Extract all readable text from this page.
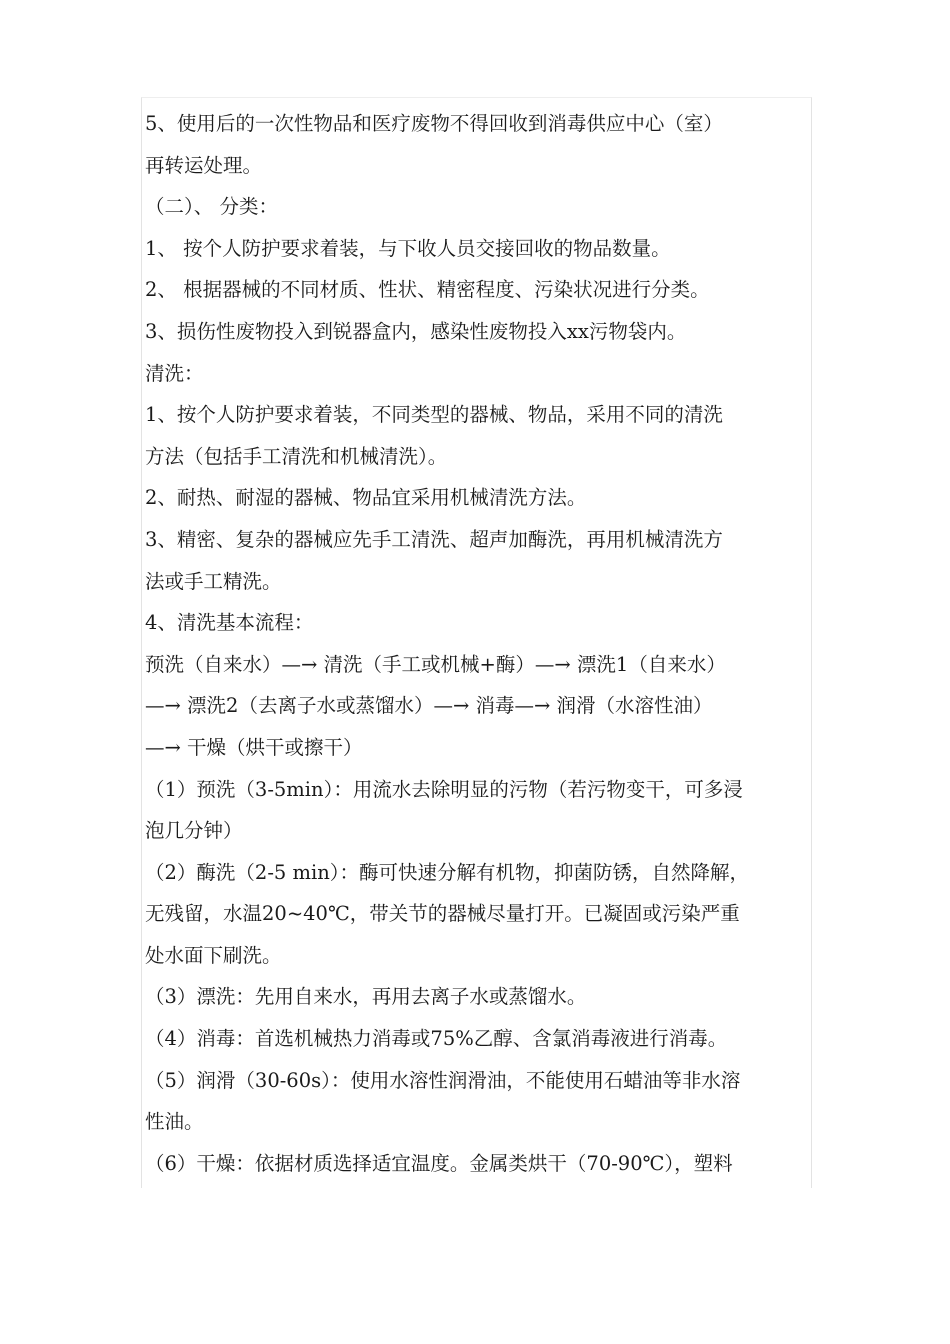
5、使用后的一次性物品和医疗废物不得回收到消毒供应中心（室）
再转运处理。
（二）、 分类：
1、 按个人防护要求着装，与下收人员交接回收的物品数量。
2、 根据器械的不同材质、性状、精密程度、污染状况进行分类。
3、损伤性废物投入到锐器盒内，感染性废物投入xx污物袋内。
清洗：
1、按个人防护要求着装，不同类型的器械、物品，采用不同的清洗
方法（包括手工清洗和机械清洗）。
2、耐热、耐湿的器械、物品宜采用机械清洗方法。
3、精密、复杂的器械应先手工清洗、超声加酶洗，再用机械清洗方
法或手工精洗。
4、清洗基本流程：
预洗（自来水）—→ 清洗（手工或机械+酶）—→ 漂洗1（自来水）
—→ 漂洗2（去离子水或蒸馏水）—→ 消毒—→ 润滑（水溶性油）
—→ 干燥（烘干或擦干）
（1）预洗（3-5min）：用流水去除明显的污物（若污物变干，可多浸
泡几分钟）
（2）酶洗（2-5 min）：酶可快速分解有机物，抑菌防锈，自然降解，
无残留，水温20~40℃，带关节的器械尽量打开。已凝固或污染严重
处水面下刷洗。
（3）漂洗：先用自来水，再用去离子水或蒸馏水。
（4）消毒：首选机械热力消毒或75%乙醇、含氯消毒液进行消毒。
（5）润滑（30-60s）：使用水溶性润滑油，不能使用石蜡油等非水溶
性油。
（6）干燥：依据材质选择适宜温度。金属类烘干（70-90℃），塑料
